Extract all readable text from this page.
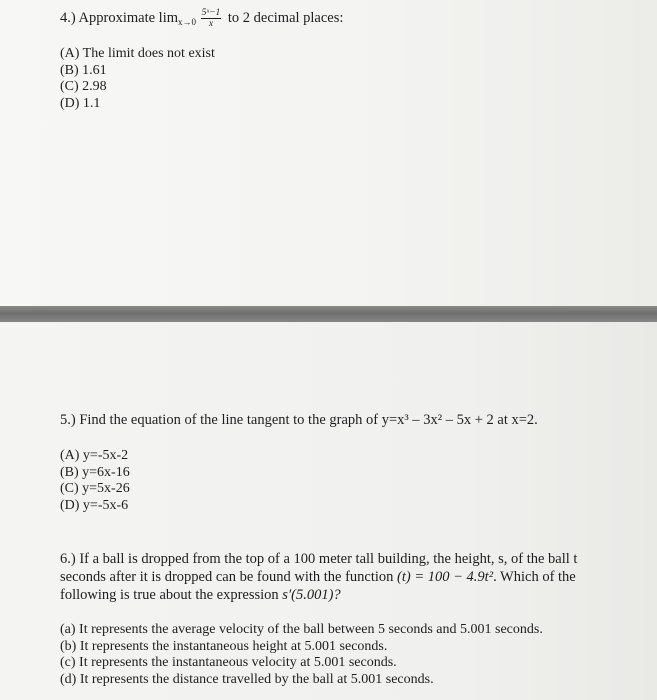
4.) Approximate $\lim_{x\to 0} \frac{\text{5ˣ−1}}{x}$ to 2 decimal places:
(A) The limit does not exist
(B) 1.61
(C) 2.98
(D) 1.1
5.) Find the equation of the line tangent to the graph of y=x³ – 3x² – 5x + 2 at x=2.
(A) y=-5x-2
(B) y=6x-16
(C) y=5x-26
(D) y=-5x-6
6.) If a ball is dropped from the top of a 100 meter tall building, the height, s, of the ball t
seconds after it is dropped can be found with the function (t) = 100 − 4.9t². Which of the
following is true about the expression s′(5.001)?
(a) It represents the average velocity of the ball between 5 seconds and 5.001 seconds.
(b) It represents the instantaneous height at 5.001 seconds.
(c) It represents the instantaneous velocity at 5.001 seconds.
(d) It represents the distance travelled by the ball at 5.001 seconds.
